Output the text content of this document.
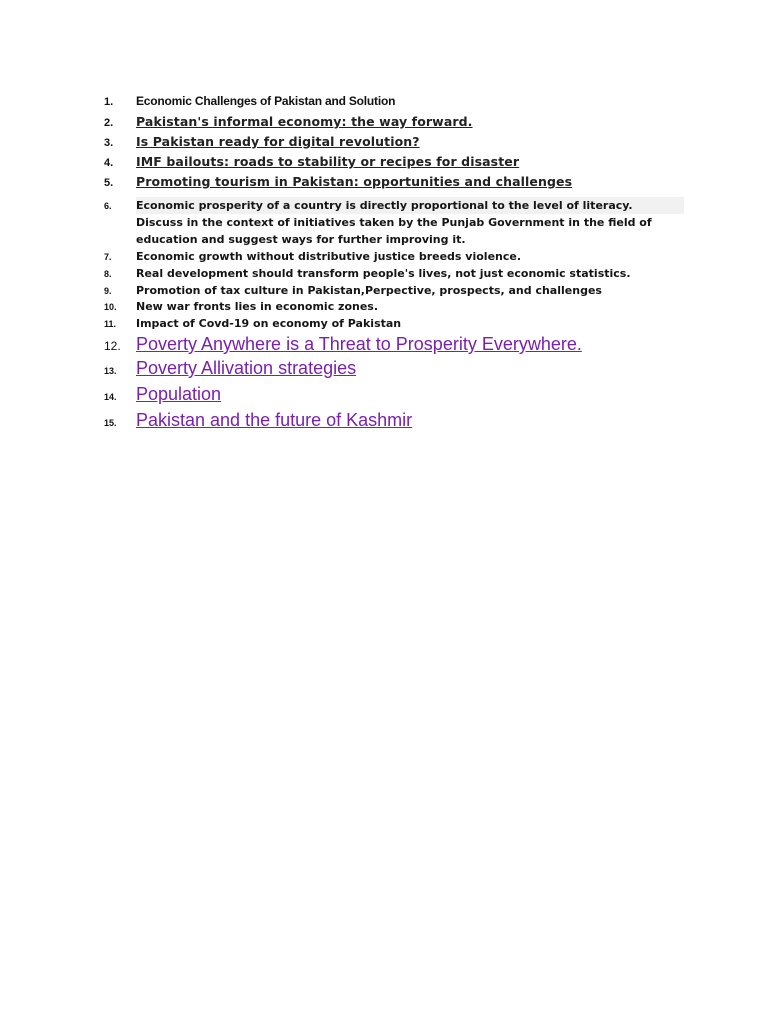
1.	Economic Challenges of Pakistan and Solution
2.	Pakistan's informal economy: the way forward.
3.	Is Pakistan ready for digital revolution?
4.	IMF bailouts: roads to stability or recipes for disaster
5.	Promoting tourism in Pakistan: opportunities and challenges
6.	Economic prosperity of a country is directly proportional to the level of literacy.
Discuss in the context of initiatives taken by the Punjab Government in the field of
education and suggest ways for further improving it.
7.	Economic growth without distributive justice breeds violence.
8.	Real development should transform people's lives, not just economic statistics.
9.	Promotion of tax culture in Pakistan,Perpective, prospects, and challenges
10.	New war fronts lies in economic zones.
11.	Impact of Covd-19 on economy of Pakistan
12. Poverty Anywhere is a Threat to Prosperity Everywhere.
13.	Poverty Allivation strategies
14.	Population
15.	Pakistan and the future of Kashmir
